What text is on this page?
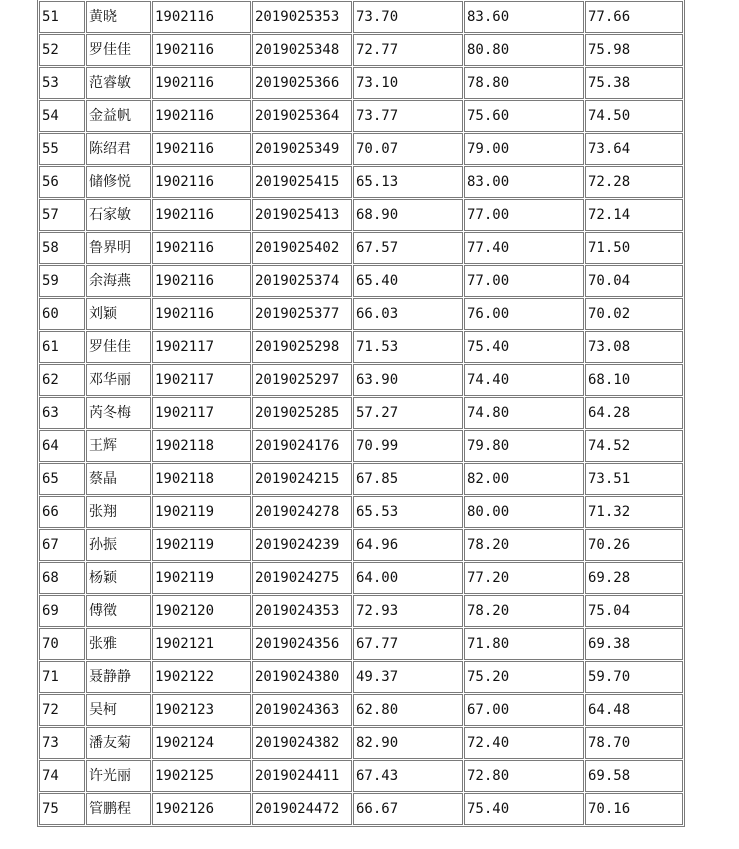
51	黄晓	1902116	2019025353	73.70	83.60	77.66
52	罗佳佳	1902116	2019025348	72.77	80.80	75.98
53	范睿敏	1902116	2019025366	73.10	78.80	75.38
54	金益帆	1902116	2019025364	73.77	75.60	74.50
55	陈绍君	1902116	2019025349	70.07	79.00	73.64
56	储修悦	1902116	2019025415	65.13	83.00	72.28
57	石家敏	1902116	2019025413	68.90	77.00	72.14
58	鲁界明	1902116	2019025402	67.57	77.40	71.50
59	余海燕	1902116	2019025374	65.40	77.00	70.04
60	刘颖	1902116	2019025377	66.03	76.00	70.02
61	罗佳佳	1902117	2019025298	71.53	75.40	73.08
62	邓华丽	1902117	2019025297	63.90	74.40	68.10
63	芮冬梅	1902117	2019025285	57.27	74.80	64.28
64	王辉	1902118	2019024176	70.99	79.80	74.52
65	蔡晶	1902118	2019024215	67.85	82.00	73.51
66	张翔	1902119	2019024278	65.53	80.00	71.32
67	孙振	1902119	2019024239	64.96	78.20	70.26
68	杨颖	1902119	2019024275	64.00	77.20	69.28
69	傅徵	1902120	2019024353	72.93	78.20	75.04
70	张雅	1902121	2019024356	67.77	71.80	69.38
71	聂静静	1902122	2019024380	49.37	75.20	59.70
72	吴柯	1902123	2019024363	62.80	67.00	64.48
73	潘友菊	1902124	2019024382	82.90	72.40	78.70
74	许光丽	1902125	2019024411	67.43	72.80	69.58
75	管鹏程	1902126	2019024472	66.67	75.40	70.16
